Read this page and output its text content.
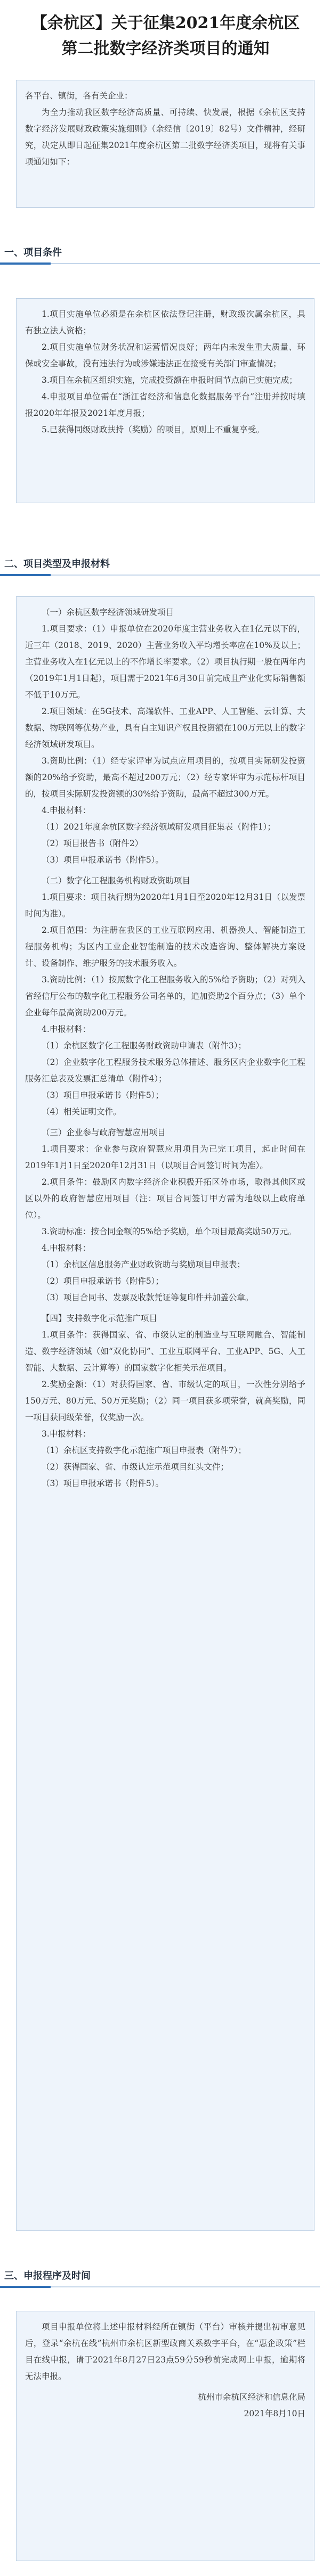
【余杭区】关于征集2021年度余杭区
第二批数字经济类项目的通知

各平台、镇街，各有关企业：

为全力推动我区数字经济高质量、可持续、快发展，根据《余杭区支持数字经济发展财政政策实施细则》（余经信〔2019〕82号）文件精神，经研究，决定从即日起征集2021年度余杭区第二批数字经济类项目，现将有关事项通知如下：

一、项目条件

1.项目实施单位必须是在余杭区依法登记注册，财政级次属余杭区，具有独立法人资格；

2.项目实施单位财务状况和运营情况良好；两年内未发生重大质量、环保或安全事故，没有违法行为或涉嫌违法正在接受有关部门审查情况；

3.项目在余杭区组织实施，完成投资额在申报时间节点前已实施完成；

4.申报项目单位需在“浙江省经济和信息化数据服务平台”注册并按时填报2020年年报及2021年度月报；

5.已获得同级财政扶持（奖励）的项目，原则上不重复享受。

二、项目类型及申报材料

（一）余杭区数字经济领域研发项目

1.项目要求：（1）申报单位在2020年度主营业务收入在1亿元以下的，近三年（2018、2019、2020）主营业务收入平均增长率应在10%及以上；主营业务收入在1亿元以上的不作增长率要求。（2）项目执行期一般在两年内（2019年1月1日起），项目需于2021年6月30日前完成且产业化实际销售额不低于10万元。

2.项目领域：在5G技术、高端软件、工业APP、人工智能、云计算、大数据、物联网等优势产业，具有自主知识产权且投资额在100万元以上的数字经济领域研发项目。

3.资助比例：（1）经专家评审为试点应用项目的，按项目实际研发投资额的20%给予资助，最高不超过200万元；（2）经专家评审为示范标杆项目的，按项目实际研发投资额的30%给予资助，最高不超过300万元。

4.申报材料：

（1）2021年度余杭区数字经济领域研发项目征集表（附件1）；

（2）项目报告书（附件2）

（3）项目申报承诺书（附件5）。

（二）数字化工程服务机构财政资助项目

1.项目要求：项目执行期为2020年1月1日至2020年12月31日（以发票时间为准）。

2.项目范围：为注册在我区的工业互联网应用、机器换人、智能制造工程服务机构；为区内工业企业智能制造的技术改造咨询、整体解决方案设计、设备制作、维护服务的技术服务收入。

3.资助比例：（1）按照数字化工程服务收入的5%给予资助；（2）对列入省经信厅公布的数字化工程服务公司名单的，追加资助2个百分点；（3）单个企业每年最高资助200万元。

4.申报材料：

（1）余杭区数字化工程服务财政资助申请表（附件3）；

（2）企业数字化工程服务技术服务总体描述、服务区内企业数字化工程服务汇总表及发票汇总清单（附件4）；

（3）项目申报承诺书（附件5）；

（4）相关证明文件。

（三）企业参与政府智慧应用项目

1.项目要求：企业参与政府智慧应用项目为已完工项目，起止时间在2019年1月1日至2020年12月31日（以项目合同签订时间为准）。

2.项目条件：鼓励区内数字经济企业积极开拓区外市场，取得其他区或区以外的政府智慧应用项目（注：项目合同签订甲方需为地级以上政府单位）。

3.资助标准：按合同金额的5%给予奖励，单个项目最高奖励50万元。

4.申报材料：

（1）余杭区信息服务产业财政资助与奖励项目申报表；

（2）项目申报承诺书（附件5）；

（3）项目合同书、发票及收款凭证等复印件并加盖公章。

【四】支持数字化示范推广项目

1.项目条件：获得国家、省、市级认定的制造业与互联网融合、智能制造、数字经济领域（如“双化协同”、工业互联网平台、工业APP、5G、人工智能、大数据、云计算等）的国家数字化相关示范项目。

2.奖励金额：（1）对获得国家、省、市级认定的项目，一次性分别给予150万元、80万元、50万元奖励；（2）同一项目获多项荣誉，就高奖励，同一项目获同级荣誉，仅奖励一次。

3.申报材料：

（1）余杭区支持数字化示范推广项目申报表（附件7）；

（2）获得国家、省、市级认定示范项目红头文件；

（3）项目申报承诺书（附件5）。

三、申报程序及时间

项目申报单位将上述申报材料经所在镇街（平台）审核并提出初审意见后，登录“余杭在线”杭州市余杭区新型政商关系数字平台，在“惠企政策”栏目在线申报，请于2021年8月27日23点59分59秒前完成网上申报，逾期将无法申报。

杭州市余杭区经济和信息化局

2021年8月10日
